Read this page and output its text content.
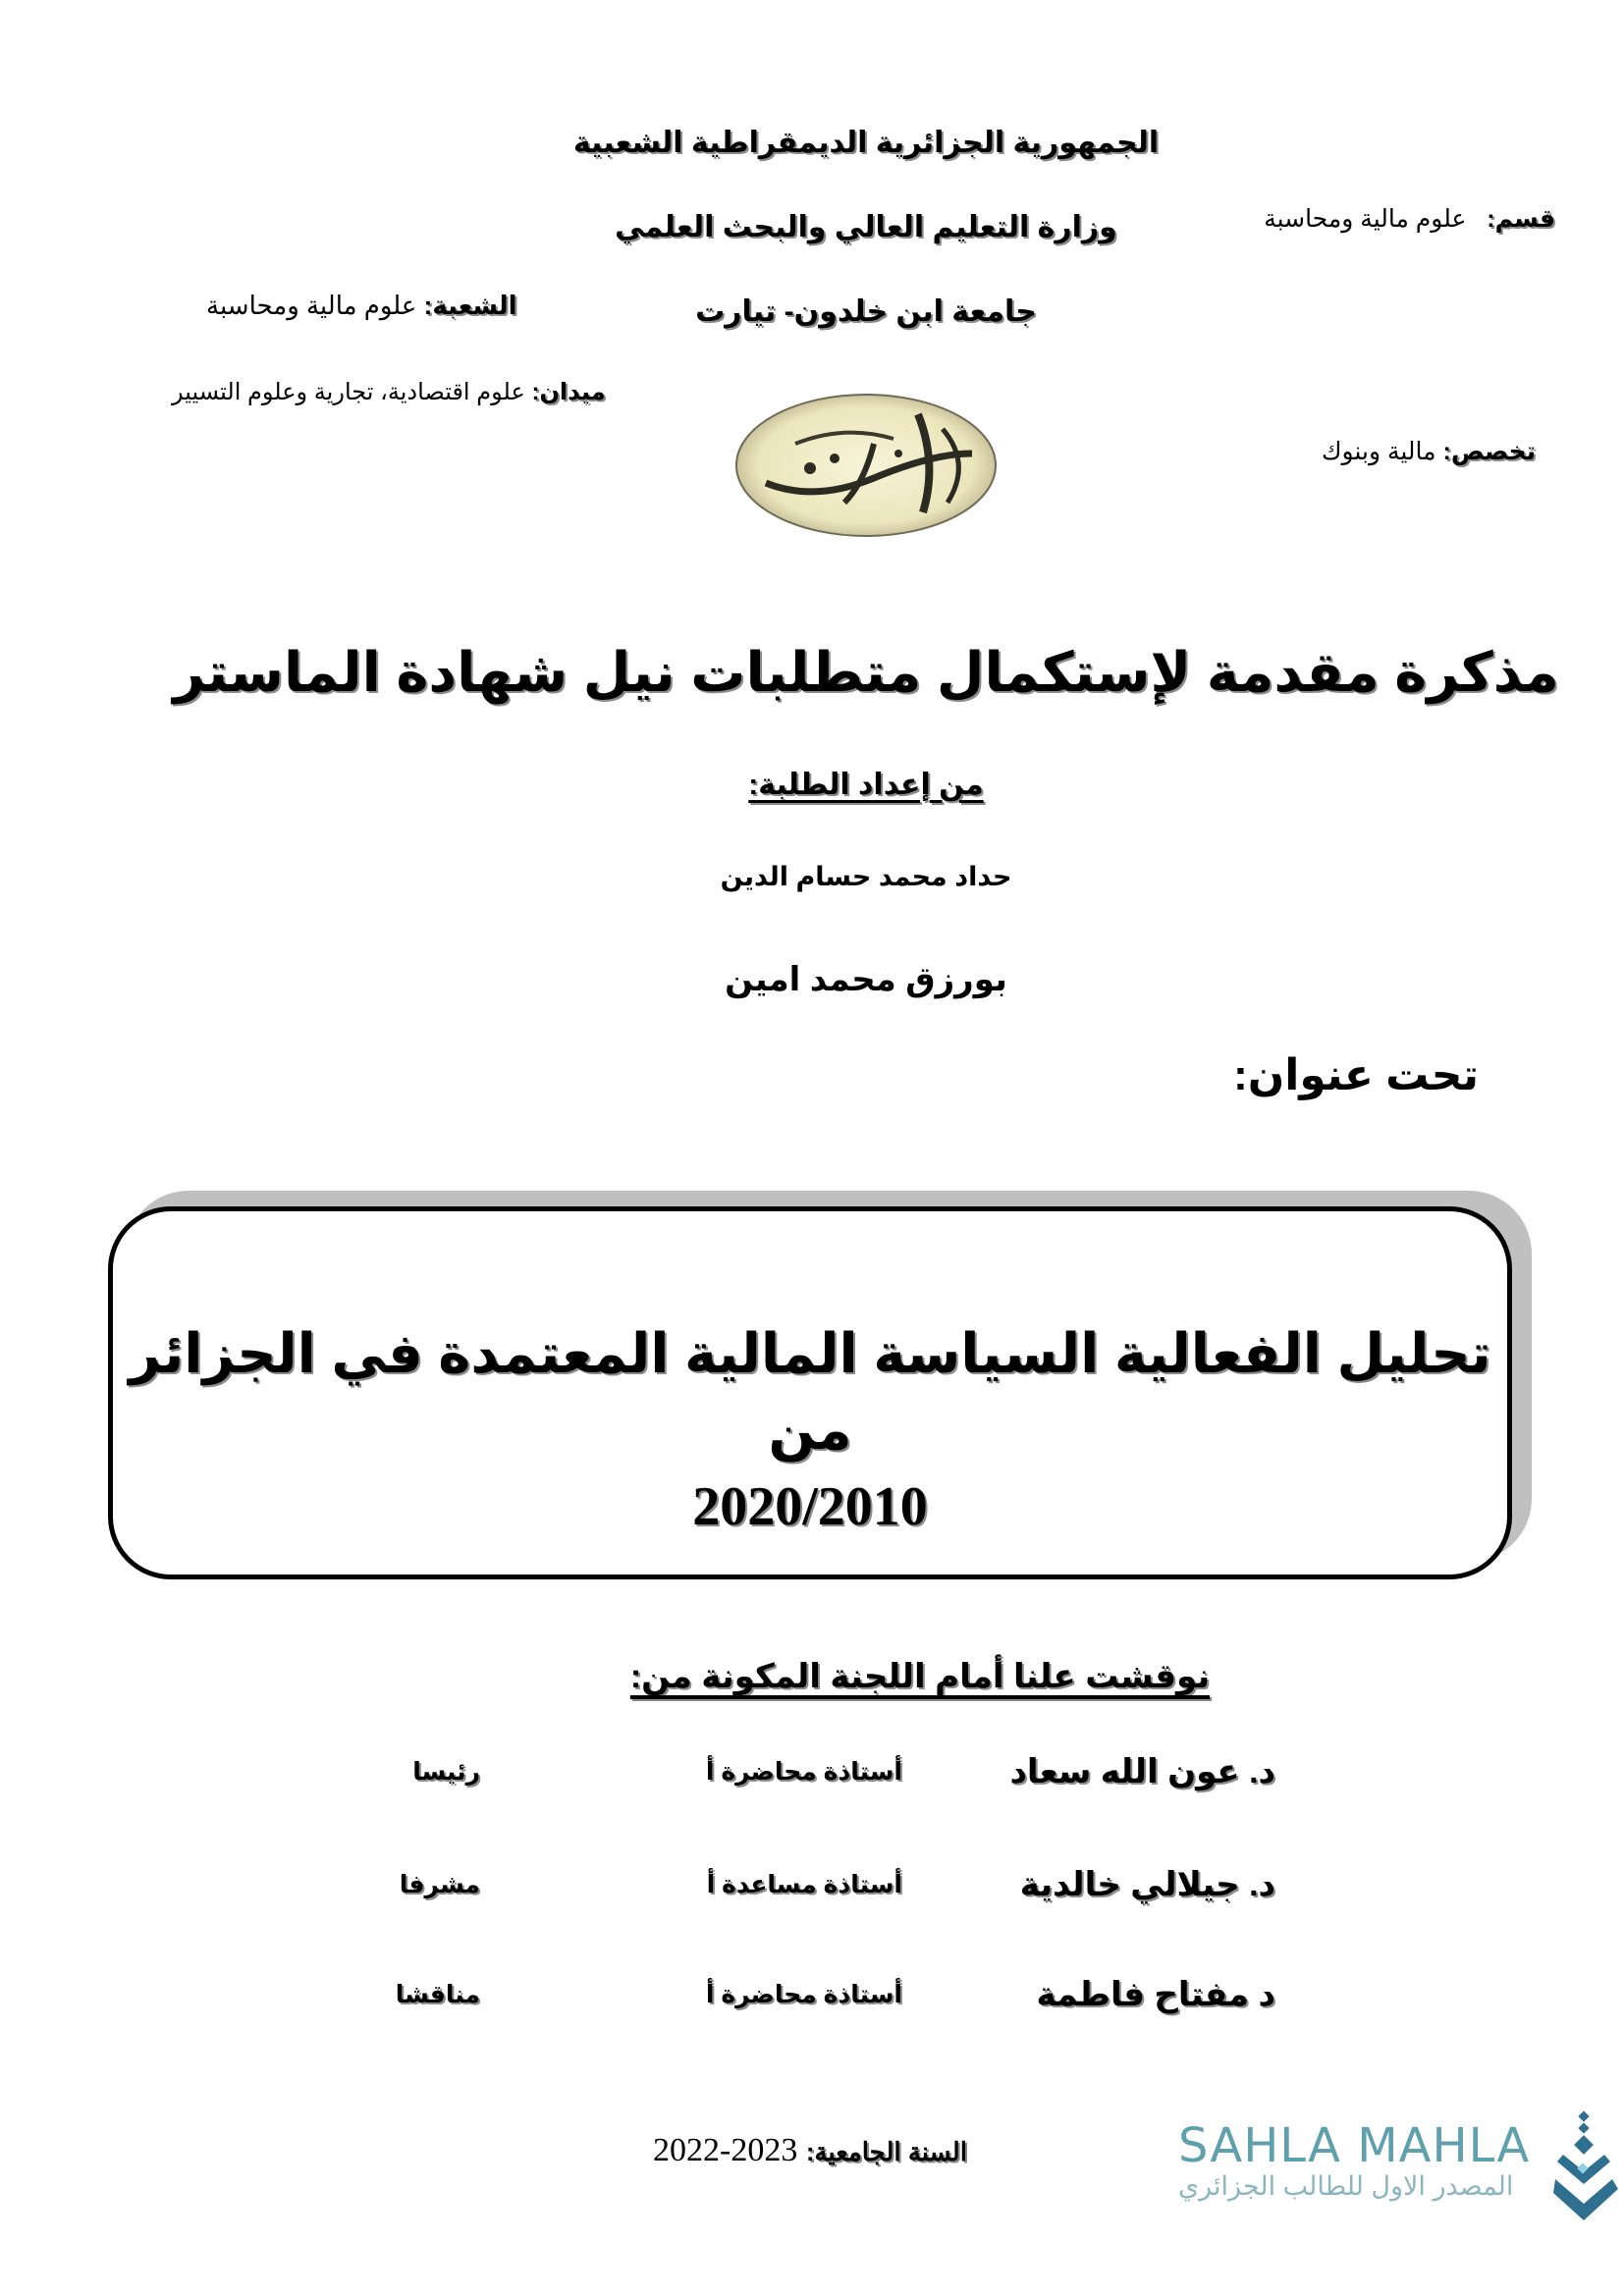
الجمهورية الجزائرية الديمقراطية الشعبية
وزارة التعليم العالي والبحث العلمي
جامعة ابن خلدون- تيارت
قسم:   علوم مالية ومحاسبة
تخصص: مالية وبنوك
الشعبة: علوم مالية ومحاسبة
ميدان: علوم اقتصادية، تجارية وعلوم التسيير
مذكرة مقدمة لإستكمال متطلبات نيل شهادة الماستر
من إعداد الطلبة:
حداد محمد حسام الدين
بورزق محمد امين
تحت عنوان:
تحليل الفعالية السياسة المالية المعتمدة في الجزائر من
2020/2010
نوقشت علنا أمام اللجنة المكونة من:
د. عون الله سعاد
أستاذة محاضرة أ
رئيسا
د. جيلالي خالدية
أستاذة مساعدة أ
مشرفا
د مفتاح فاطمة
أستاذة محاضرة أ
مناقشا
السنة الجامعية: 2022-2023	SAHLA MAHLA
المصدر الاول للطالب الجزائري
